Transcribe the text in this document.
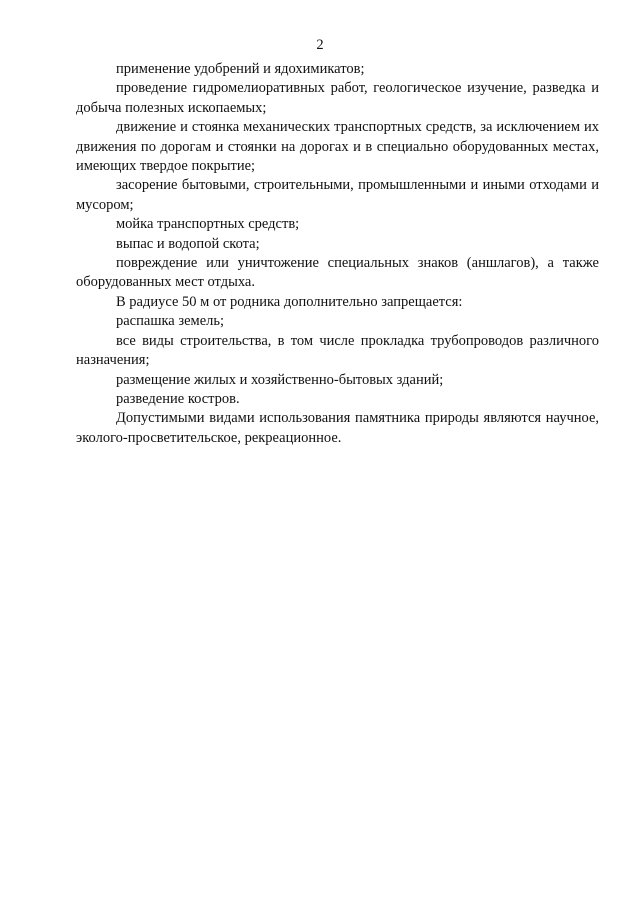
2

применение удобрений и ядохимикатов;

проведение гидромелиоративных работ, геологическое изучение, разведка и добыча полезных ископаемых;

движение и стоянка механических транспортных средств, за исключением их движения по дорогам и стоянки на дорогах и в специально оборудованных местах, имеющих твердое покрытие;

засорение бытовыми, строительными, промышленными и иными отходами и мусором;

мойка транспортных средств;

выпас и водопой скота;

повреждение или уничтожение специальных знаков (аншлагов), а также оборудованных мест отдыха.

В радиусе 50 м от родника дополнительно запрещается:

распашка земель;

все виды строительства, в том числе прокладка трубопроводов различного назначения;

размещение жилых и хозяйственно-бытовых зданий;

разведение костров.

Допустимыми видами использования памятника природы являются научное, эколого-просветительское, рекреационное.
